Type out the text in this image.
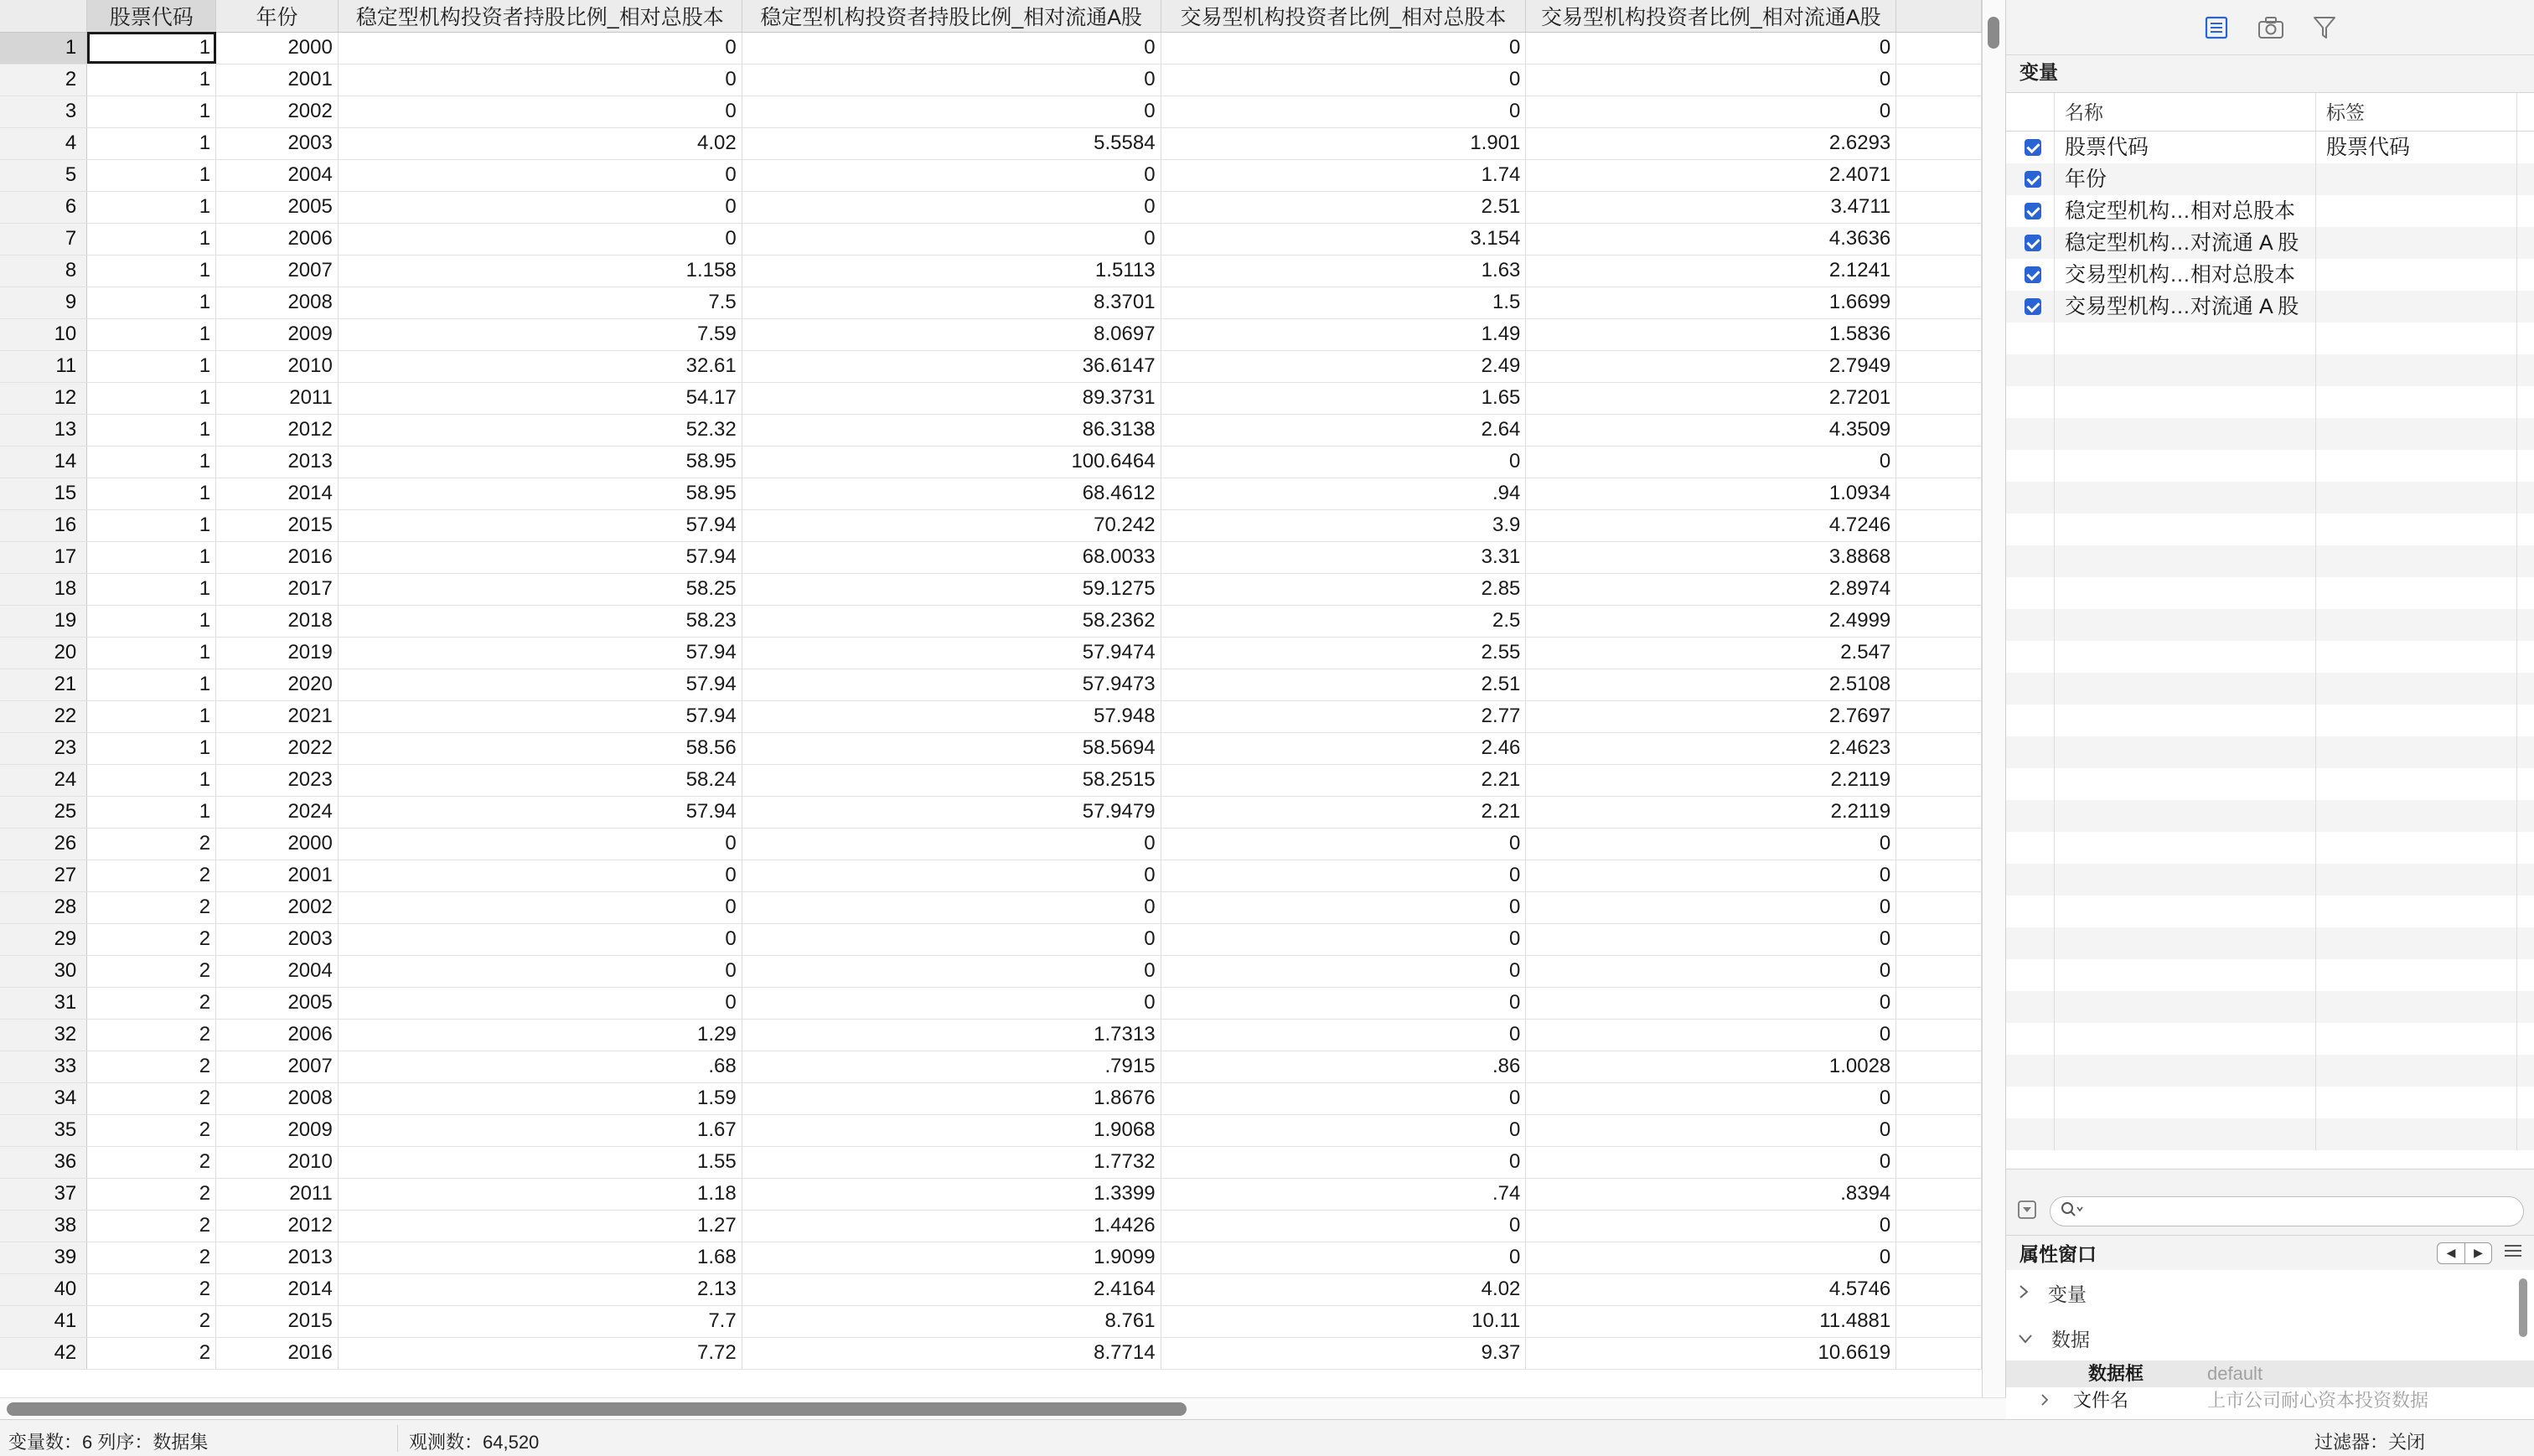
	股票代码	年份	稳定型机构投资者持股比例_相对总股本	稳定型机构投资者持股比例_相对流通A股	交易型机构投资者比例_相对总股本	交易型机构投资者比例_相对流通A股	
1	1	2000	0	0	0	0	
2	1	2001	0	0	0	0	
3	1	2002	0	0	0	0	
4	1	2003	4.02	5.5584	1.901	2.6293	
5	1	2004	0	0	1.74	2.4071	
6	1	2005	0	0	2.51	3.4711	
7	1	2006	0	0	3.154	4.3636	
8	1	2007	1.158	1.5113	1.63	2.1241	
9	1	2008	7.5	8.3701	1.5	1.6699	
10	1	2009	7.59	8.0697	1.49	1.5836	
11	1	2010	32.61	36.6147	2.49	2.7949	
12	1	2011	54.17	89.3731	1.65	2.7201	
13	1	2012	52.32	86.3138	2.64	4.3509	
14	1	2013	58.95	100.6464	0	0	
15	1	2014	58.95	68.4612	.94	1.0934	
16	1	2015	57.94	70.242	3.9	4.7246	
17	1	2016	57.94	68.0033	3.31	3.8868	
18	1	2017	58.25	59.1275	2.85	2.8974	
19	1	2018	58.23	58.2362	2.5	2.4999	
20	1	2019	57.94	57.9474	2.55	2.547	
21	1	2020	57.94	57.9473	2.51	2.5108	
22	1	2021	57.94	57.948	2.77	2.7697	
23	1	2022	58.56	58.5694	2.46	2.4623	
24	1	2023	58.24	58.2515	2.21	2.2119	
25	1	2024	57.94	57.9479	2.21	2.2119	
26	2	2000	0	0	0	0	
27	2	2001	0	0	0	0	
28	2	2002	0	0	0	0	
29	2	2003	0	0	0	0	
30	2	2004	0	0	0	0	
31	2	2005	0	0	0	0	
32	2	2006	1.29	1.7313	0	0	
33	2	2007	.68	.7915	.86	1.0028	
34	2	2008	1.59	1.8676	0	0	
35	2	2009	1.67	1.9068	0	0	
36	2	2010	1.55	1.7732	0	0	
37	2	2011	1.18	1.3399	.74	.8394	
38	2	2012	1.27	1.4426	0	0	
39	2	2013	1.68	1.9099	0	0	
40	2	2014	2.13	2.4164	4.02	4.5746	
41	2	2015	7.7	8.761	10.11	11.4881	
42	2	2016	7.72	8.7714	9.37	10.6619	
变量
名称	标签
股票代码	股票代码
年份
稳定型机构…相对总股本
稳定型机构…对流通 A 股
交易型机构…相对总股本
交易型机构…对流通 A 股
属性窗口	◀	▶
变量
数据
数据框	default
文件名	上市公司耐心资本投资数据
变量数：6 列序：数据集	观测数：64,520	过滤器：关闭
